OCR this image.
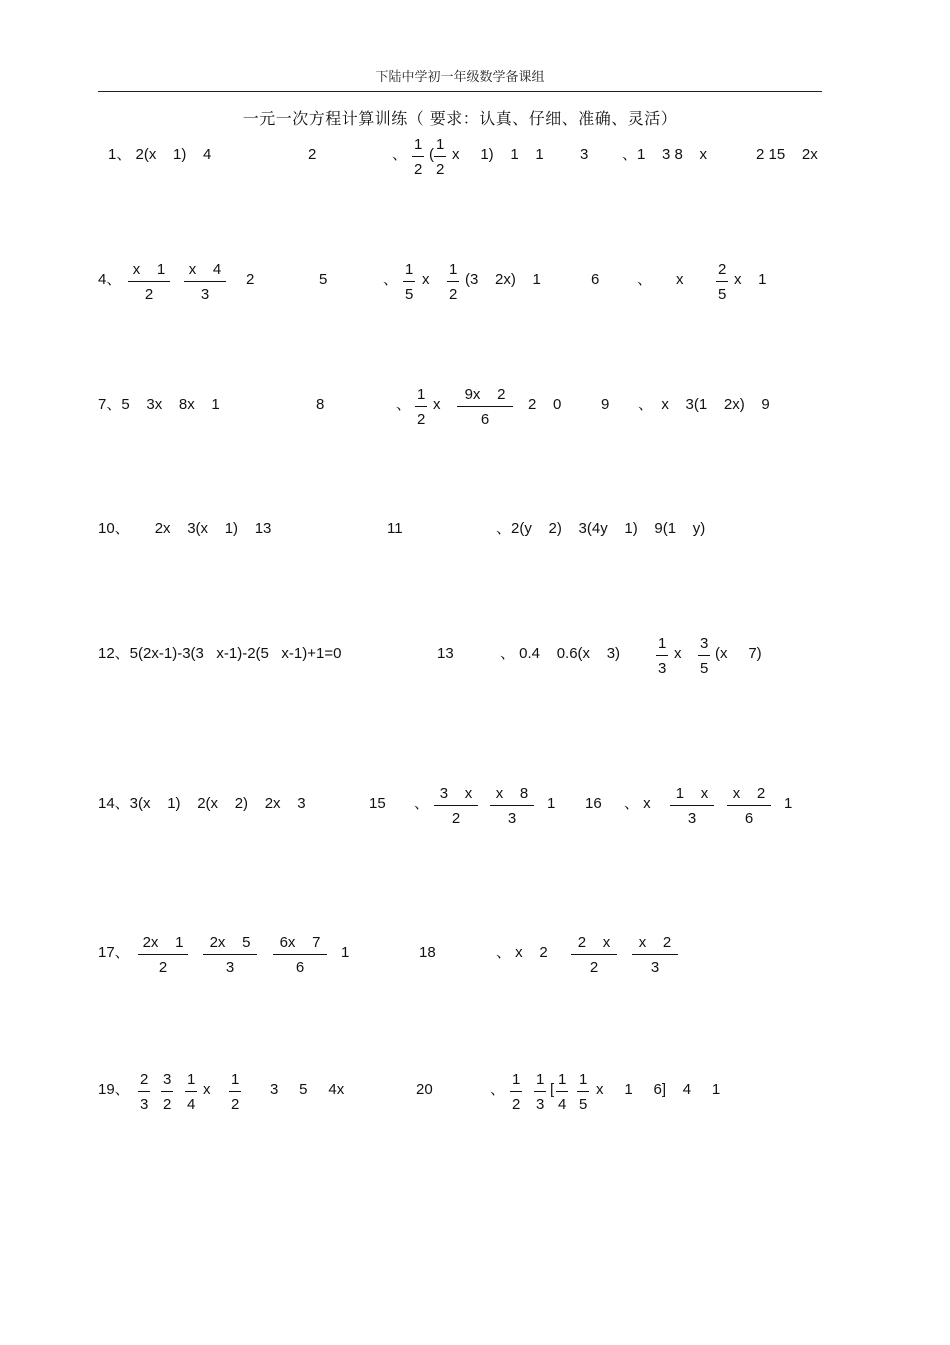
下陆中学初一年级数学备课组
一元一次方程计算训练（ 要求：认真、仔细、准确、灵活）
1、 2(x    1)    4	2	、
1
2
(
1
2
x     1)    1    1 3 、1    3 8    x	2 15    2x
4、
x    1
2
x    4
3
2	5	、
1
5
x
1
2
(3    2x)    1	6	、 x
2
5
x    1
7、5    3x    8x    1	8	、
1
2
x
9x    2
6
2    0	9 、  x    3(1    2x)    9
10、      2x    3(x    1)    13	11	、2(y    2)    3(4y    1)    9(1    y)
12、5(2x-1)-3(3   x-1)-2(5   x-1)+1=0	13	、 0.4    0.6(x    3)
1
3
x
3
5
(x     7)
14、3(x    1)    2(x    2)    2x    3	15 、
3    x
2
x    8
3
1 16 、 x
1    x
3
x    2
6
1
17、
2x    1
2
2x    5
3
6x    7
6
1	18	、 x    2
2    x
2
x    2
3
19、
2
3
3
2
1
4
x
1
2
3     5     4x	20	、
1
2
1
3
[
1
4
1
5
x     1     6]    4     1
